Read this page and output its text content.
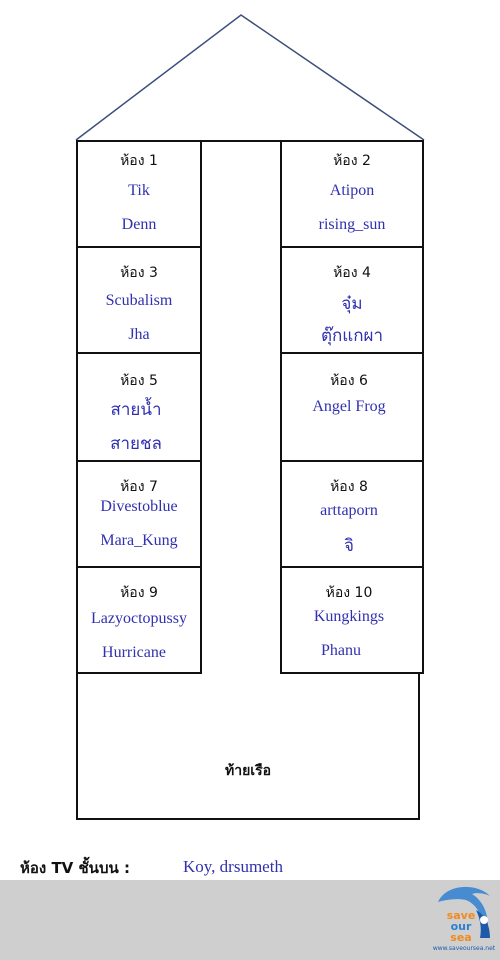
ห้อง 1
Tik
Denn
ห้อง 2
Atipon
rising_sun
ห้อง 3
Scubalism
Jha
ห้อง 4
จุ๋ม
ตุ๊กแกผา
ห้อง 5
สายน้ำ
สายชล
ห้อง 6
Angel Frog
ห้อง 7
Divestoblue
Mara_Kung
ห้อง 8
arttaporn
จิ
ห้อง 9
Lazyoctopussy
Hurricane
ห้อง 10
Kungkings
Phanu
ท้ายเรือ
ห้อง TV ชั้นบน :	Koy, drsumeth
save
our
sea
www.saveoursea.net
